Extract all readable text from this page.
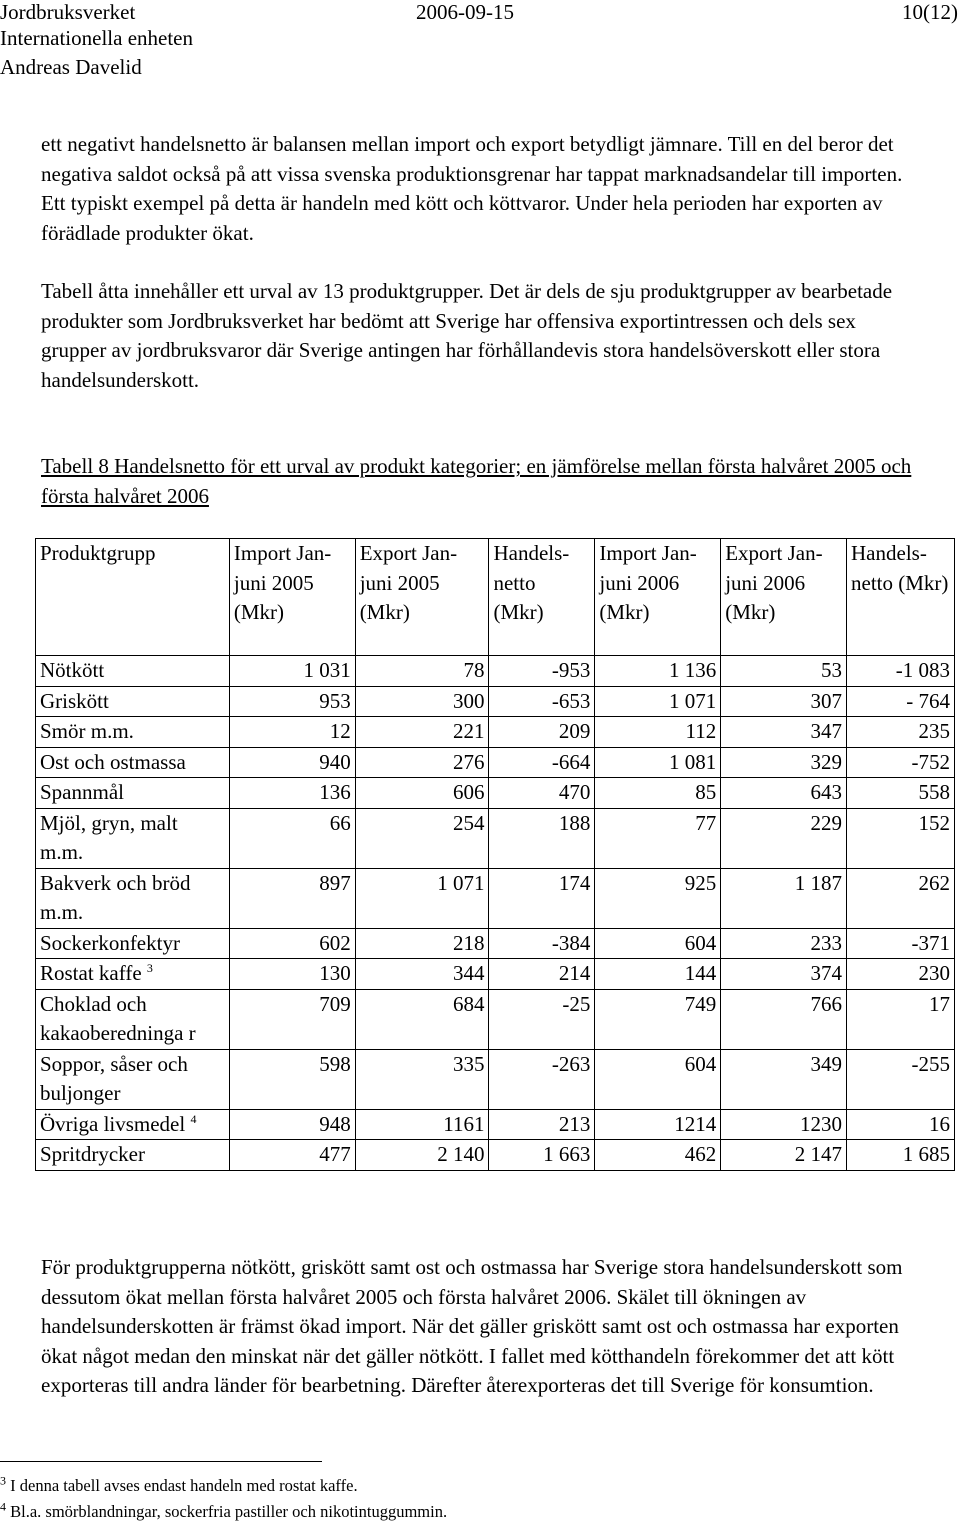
Jordbruksverket	2006-09-15	10(12)
Internationella enheten
Andreas Davelid

ett negativt handelsnetto är balansen mellan import och export betydligt jämnare. Till en del beror det negativa saldot också på att vissa svenska produktionsgrenar har tappat marknadsandelar till importen. Ett typiskt exempel på detta är handeln med kött och köttvaror. Under hela perioden har exporten av förädlade produkter ökat.

Tabell åtta innehåller ett urval av 13 produktgrupper. Det är dels de sju produktgrupper av bearbetade produkter som Jordbruksverket har bedömt att Sverige har offensiva exportintressen och dels sex grupper av jordbruksvaror där Sverige antingen har förhållandevis stora handelsöverskott eller stora handelsunderskott.

Tabell 8 Handelsnetto för ett urval av produkt kategorier; en jämförelse mellan första halvåret 2005 och första halvåret 2006
Produktgrupp	Import Jan-juni 2005 (Mkr)	Export Jan-juni 2005 (Mkr)	Handels-netto (Mkr)	Import Jan-juni 2006 (Mkr)	Export Jan-juni 2006 (Mkr)	Handels-netto (Mkr)
Nötkött	1 031	78	-953	1 136	53	-1 083
Griskött	953	300	-653	1 071	307	- 764
Smör m.m.	12	221	209	112	347	235
Ost och ostmassa	940	276	-664	1 081	329	-752
Spannmål	136	606	470	85	643	558
Mjöl, gryn, malt m.m.	66	254	188	77	229	152
Bakverk och bröd m.m.	897	1 071	174	925	1 187	262
Sockerkonfektyr	602	218	-384	604	233	-371
Rostat kaffe $^3$	130	344	214	144	374	230
Choklad och kakaoberedninga r	709	684	-25	749	766	17
Soppor, såser och buljonger	598	335	-263	604	349	-255
Övriga livsmedel $^4$	948	1161	213	1214	1230	16
Spritdrycker	477	2 140	1 663	462	2 147	1 685

För produktgrupperna nötkött, griskött samt ost och ostmassa har Sverige stora handelsunderskott som dessutom ökat mellan första halvåret 2005 och första halvåret 2006. Skälet till ökningen av handelsunderskotten är främst ökad import. När det gäller griskött samt ost och ostmassa har exporten ökat något medan den minskat när det gäller nötkött. I fallet med kötthandeln förekommer det att kött exporteras till andra länder för bearbetning. Därefter återexporteras det till Sverige för konsumtion.

$^3$ I denna tabell avses endast handeln med rostat kaffe.
$^4$ Bl.a. smörblandningar, sockerfria pastiller och nikotintuggummin.
